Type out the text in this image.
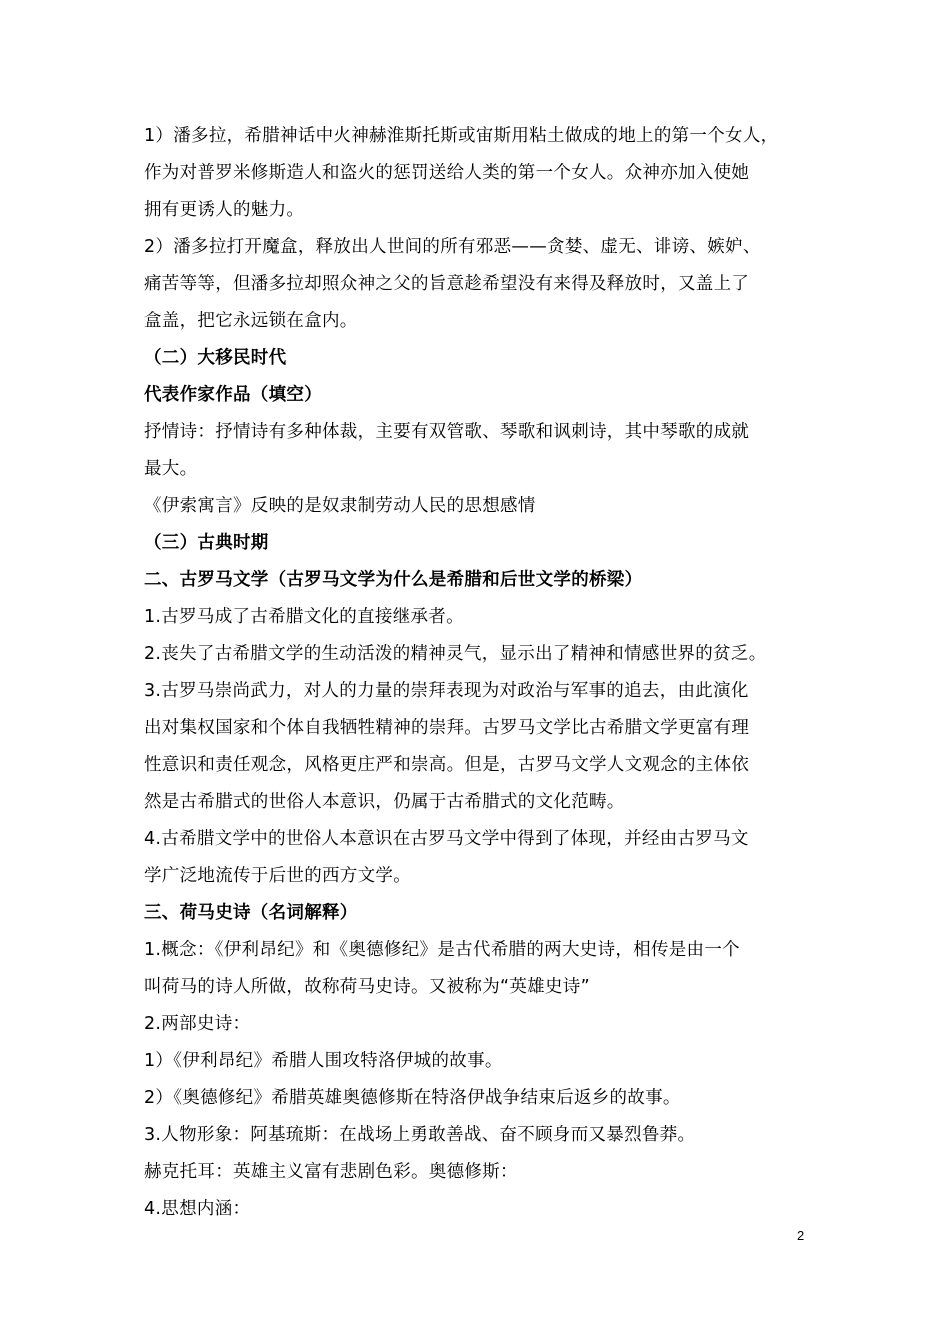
1）潘多拉，希腊神话中火神赫淮斯托斯或宙斯用粘土做成的地上的第一个女人，
作为对普罗米修斯造人和盗火的惩罚送给人类的第一个女人。众神亦加入使她
拥有更诱人的魅力。
2）潘多拉打开魔盒，释放出人世间的所有邪恶——贪婪、虚无、诽谤、嫉妒、
痛苦等等，但潘多拉却照众神之父的旨意趁希望没有来得及释放时，又盖上了
盒盖，把它永远锁在盒内。
（二）大移民时代
代表作家作品（填空）
抒情诗：抒情诗有多种体裁，主要有双管歌、琴歌和讽刺诗，其中琴歌的成就
最大。
《伊索寓言》反映的是奴隶制劳动人民的思想感情
（三）古典时期
二、古罗马文学（古罗马文学为什么是希腊和后世文学的桥梁）
1.古罗马成了古希腊文化的直接继承者。
2.丧失了古希腊文学的生动活泼的精神灵气，显示出了精神和情感世界的贫乏。
3.古罗马崇尚武力，对人的力量的崇拜表现为对政治与军事的追去，由此演化
出对集权国家和个体自我牺牲精神的崇拜。古罗马文学比古希腊文学更富有理
性意识和责任观念，风格更庄严和崇高。但是，古罗马文学人文观念的主体依
然是古希腊式的世俗人本意识，仍属于古希腊式的文化范畴。
4.古希腊文学中的世俗人本意识在古罗马文学中得到了体现，并经由古罗马文
学广泛地流传于后世的西方文学。
三、荷马史诗（名词解释）
1.概念：《伊利昂纪》和《奥德修纪》是古代希腊的两大史诗，相传是由一个
叫荷马的诗人所做，故称荷马史诗。又被称为“英雄史诗”
2.两部史诗：
1）《伊利昂纪》希腊人围攻特洛伊城的故事。
2）《奥德修纪》希腊英雄奥德修斯在特洛伊战争结束后返乡的故事。
3.人物形象：阿基琉斯：在战场上勇敢善战、奋不顾身而又暴烈鲁莽。
赫克托耳：英雄主义富有悲剧色彩。奥德修斯：
4.思想内涵：
2
